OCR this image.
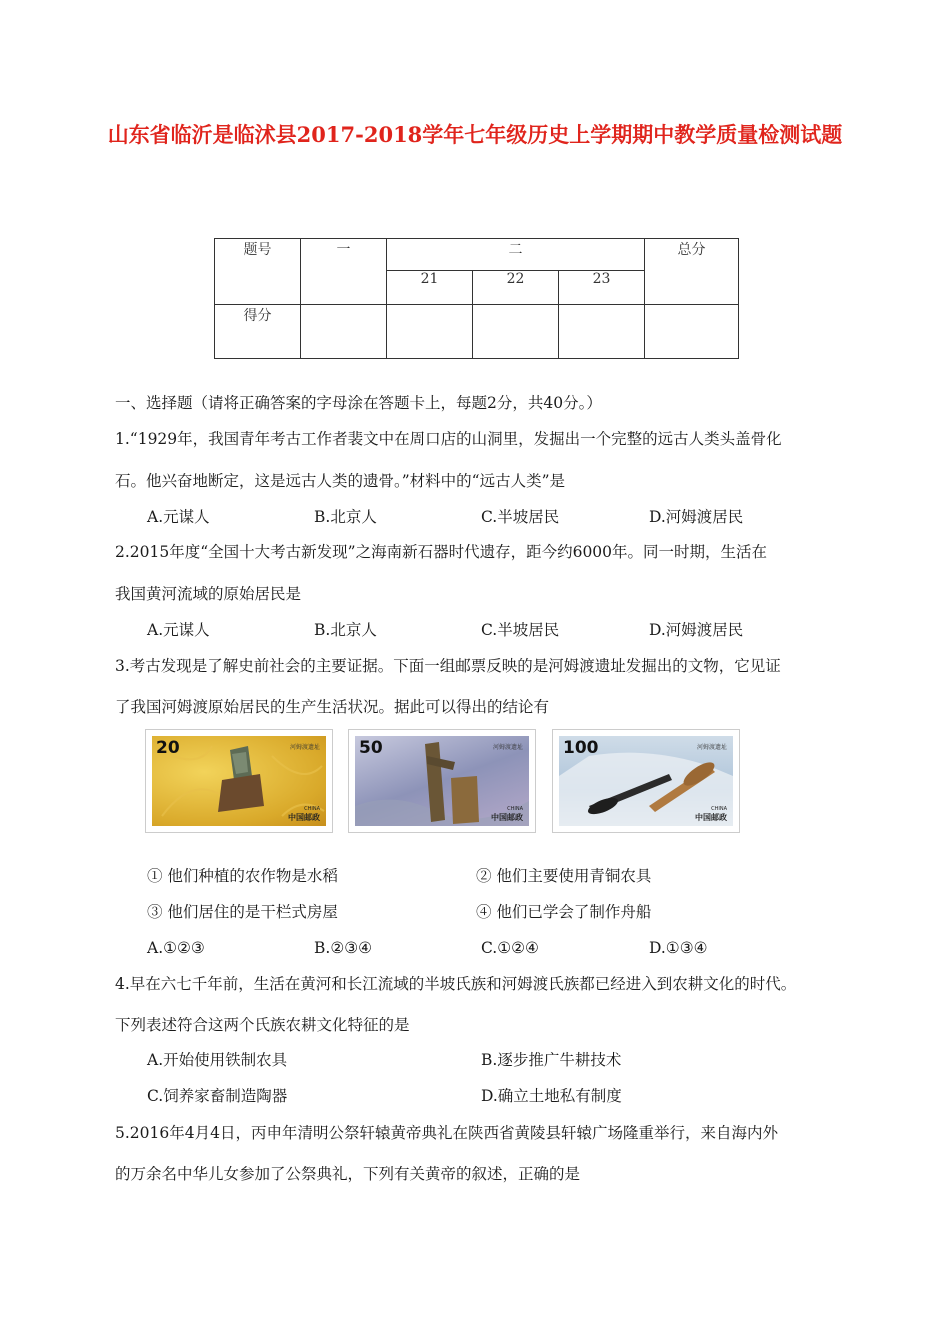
山东省临沂是临沭县2017-2018学年七年级历史上学期期中教学质量检测试题
题号	一	二			总分
		21	22	23	
得分					
一、选择题（请将正确答案的字母涂在答题卡上，每题2分，共40分。）
1.“1929年，我国青年考古工作者裴文中在周口店的山洞里，发掘出一个完整的远古人类头盖骨化
石。他兴奋地断定，这是远古人类的遗骨。”材料中的“远古人类”是
A.元谋人	B.北京人	C.半坡居民	D.河姆渡居民
2.2015年度“全国十大考古新发现”之海南新石器时代遗存，距今约6000年。同一时期，生活在
我国黄河流域的原始居民是
A.元谋人	B.北京人	C.半坡居民	D.河姆渡居民
3.考古发现是了解史前社会的主要证据。下面一组邮票反映的是河姆渡遗址发掘出的文物，它见证
了我国河姆渡原始居民的生产生活状况。据此可以得出的结论有
20	河姆渡遗址
CHINA
中国邮政
50	河姆渡遗址
CHINA
中国邮政
100	河姆渡遗址
CHINA
中国邮政
① 他们种植的农作物是水稻	② 他们主要使用青铜农具
③ 他们居住的是干栏式房屋	④ 他们已学会了制作舟船
A.①②③	B.②③④	C.①②④	D.①③④
4.早在六七千年前，生活在黄河和长江流域的半坡氏族和河姆渡氏族都已经进入到农耕文化的时代。
下列表述符合这两个氏族农耕文化特征的是
A.开始使用铁制农具	B.逐步推广牛耕技术
C.饲养家畜制造陶器	D.确立土地私有制度
5.2016年4月4日，丙申年清明公祭轩辕黄帝典礼在陕西省黄陵县轩辕广场隆重举行，来自海内外
的万余名中华儿女参加了公祭典礼，下列有关黄帝的叙述，正确的是
